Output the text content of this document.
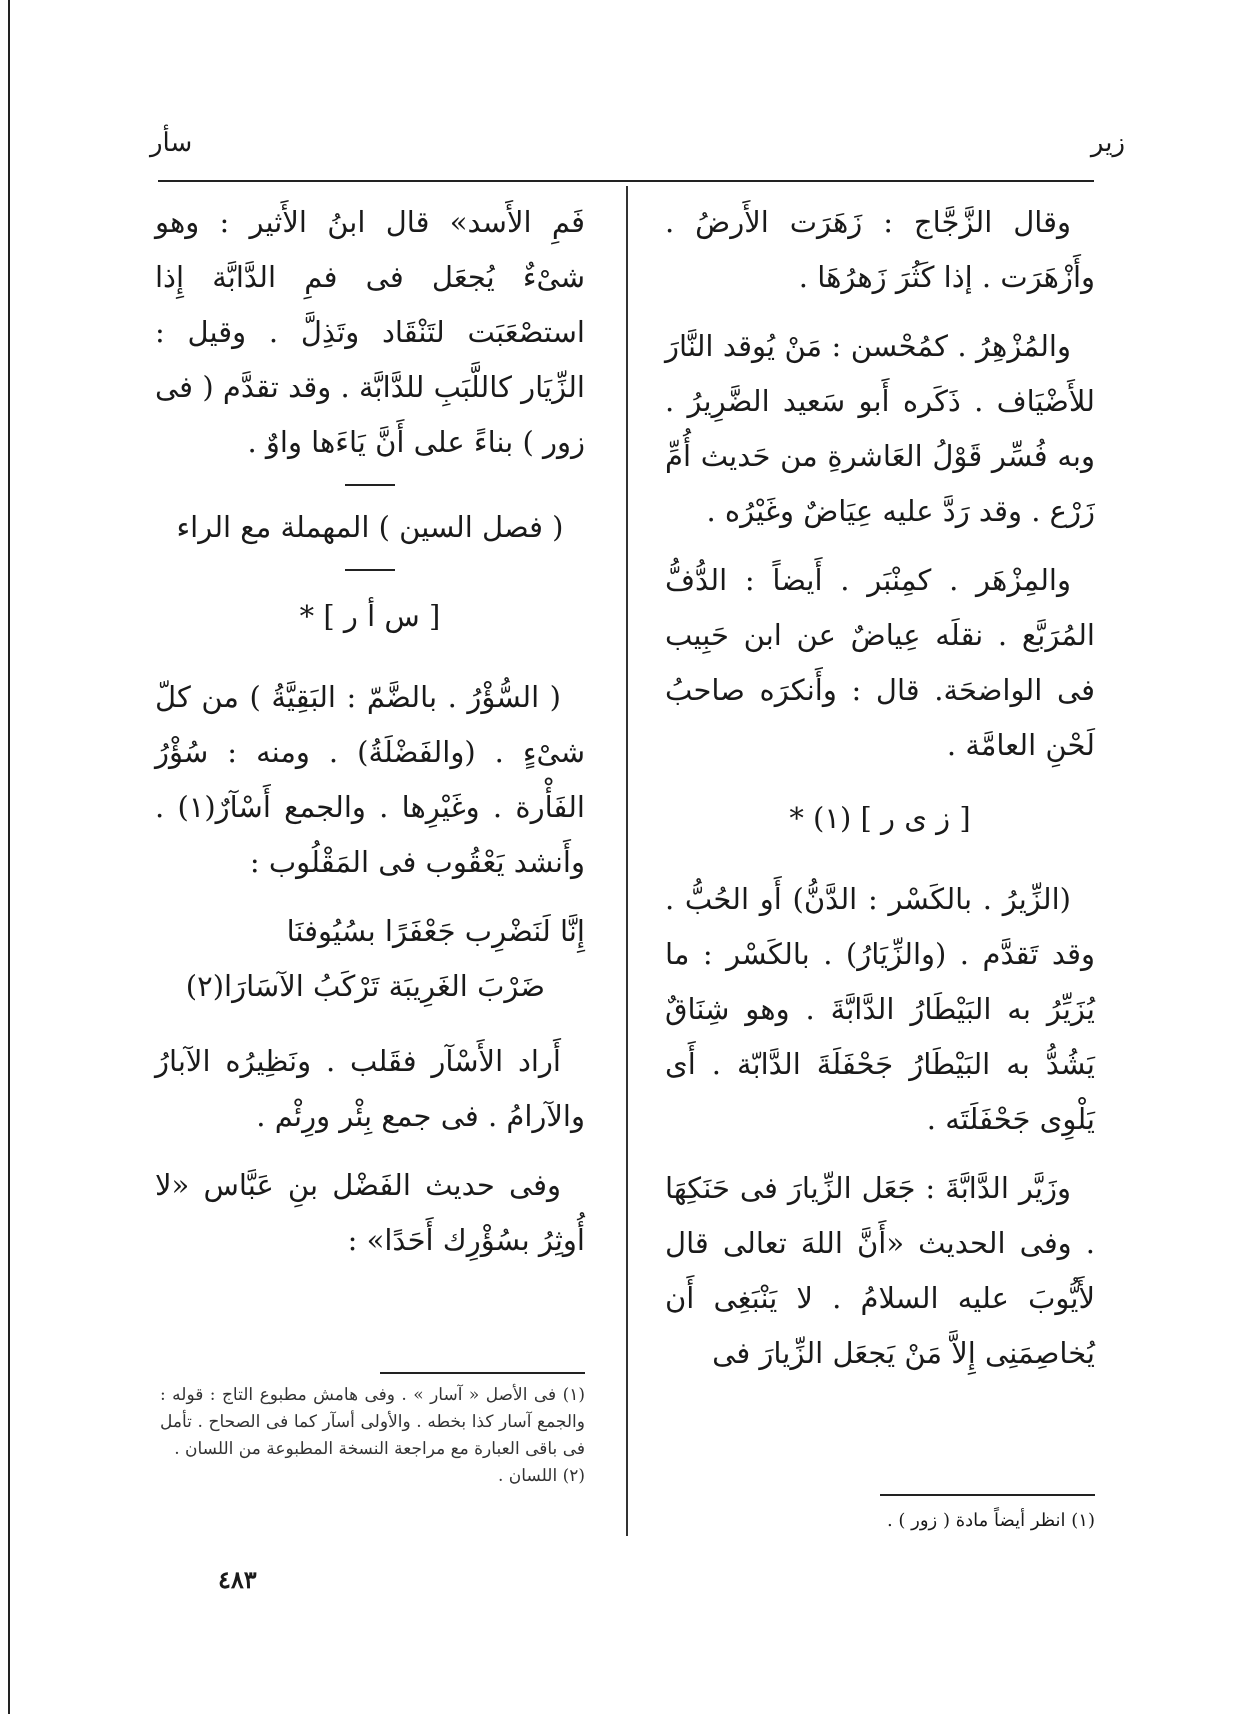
زير
سأر

وقال الزَّجَّاج : زَهَرَت الأَرضُ . وأَزْهَرَت . إذا كَثُرَ زَهرُهَا .

والمُزْهِرُ . كمُحْسن : مَنْ يُوقد النَّارَ للأَضْيَاف . ذَكَره أَبو سَعيد الضَّرِيرُ . وبه فُسِّر قَوْلُ العَاشرةِ من حَديث أُمِّ زَرْع . وقد رَدَّ عليه عِيَاضٌ وغَيْرُه .

والمِزْهَر . كمِنْبَر . أَيضاً : الدُّفُّ المُرَبَّع . نقلَه عِياضٌ عن ابن حَبِيب فى الواضحَة. قال : وأَنكرَه صاحبُ لَحْنِ العامَّة .

[ ز ى ر ] (١) *

(الزِّيرُ . بالكَسْر : الدَّنُّ) أَو الحُبُّ . وقد تَقدَّم . (والزِّيَارُ) . بالكَسْر : ما يُزَيِّرُ به البَيْطَارُ الدَّابَّةَ . وهو شِنَاقٌ يَشُدُّ به البَيْطَارُ جَحْفَلَةَ الدَّابّة . أَى يَلْوِى جَحْفَلَتَه .

وزَيَّر الدَّابَّةَ : جَعَل الزِّيارَ فى حَنَكِهَا . وفى الحديث «أَنَّ اللهَ تعالى قال لأَيُّوبَ عليه السلامُ . لا يَنْبَغِى أَن يُخاصِمَنِى إِلاَّ مَنْ يَجعَل الزِّيارَ فى

فَمِ الأَسد» قال ابنُ الأَثير : وهو شىْءٌ يُجعَل فى فمِ الدَّابَّة إِذا استصْعَبَت لتَنْقَاد وتَذِلَّ . وقيل : الزِّيَار كاللَّبَبِ للدَّابَّة . وقد تقدَّم ( فى زور ) بناءً على أَنَّ يَاءَها واوٌ .

( فصل السين ) المهملة مع الراء

[ س أ ر ] *

( السُّؤْرُ . بالضَّمّ : البَقِيَّةُ ) من كلّ شىْءٍ . (والفَضْلَةُ) . ومنه : سُؤْرُ الفَأْرة . وغَيْرِها . والجمع أَسْآرٌ(١) . وأَنشد يَعْقُوب فى المَقْلُوب :

إِنَّا لَنَضْرِب جَعْفَرًا بسُيُوفنَا
ضَرْبَ الغَرِيبَة تَرْكَبُ الآسَارَا(٢)

أَراد الأَسْآر فقَلب . ونَظِيرُه الآبارُ والآرامُ . فى جمع بِئْر ورِئْم .

وفى حديث الفَضْل بنِ عَبَّاس «لا أُوثِرُ بسُؤْرِك أَحَدًا» :

(١) انظر أيضاً مادة ( زور ) .
(١) فى الأصل « آسار » . وفى هامش مطبوع التاج : قوله : والجمع آسار كذا بخطه . والأولى أسآر كما فى الصحاح . تأمل فى باقى العبارة مع مراجعة النسخة المطبوعة من اللسان .
(٢) اللسان .
٤٨٣
